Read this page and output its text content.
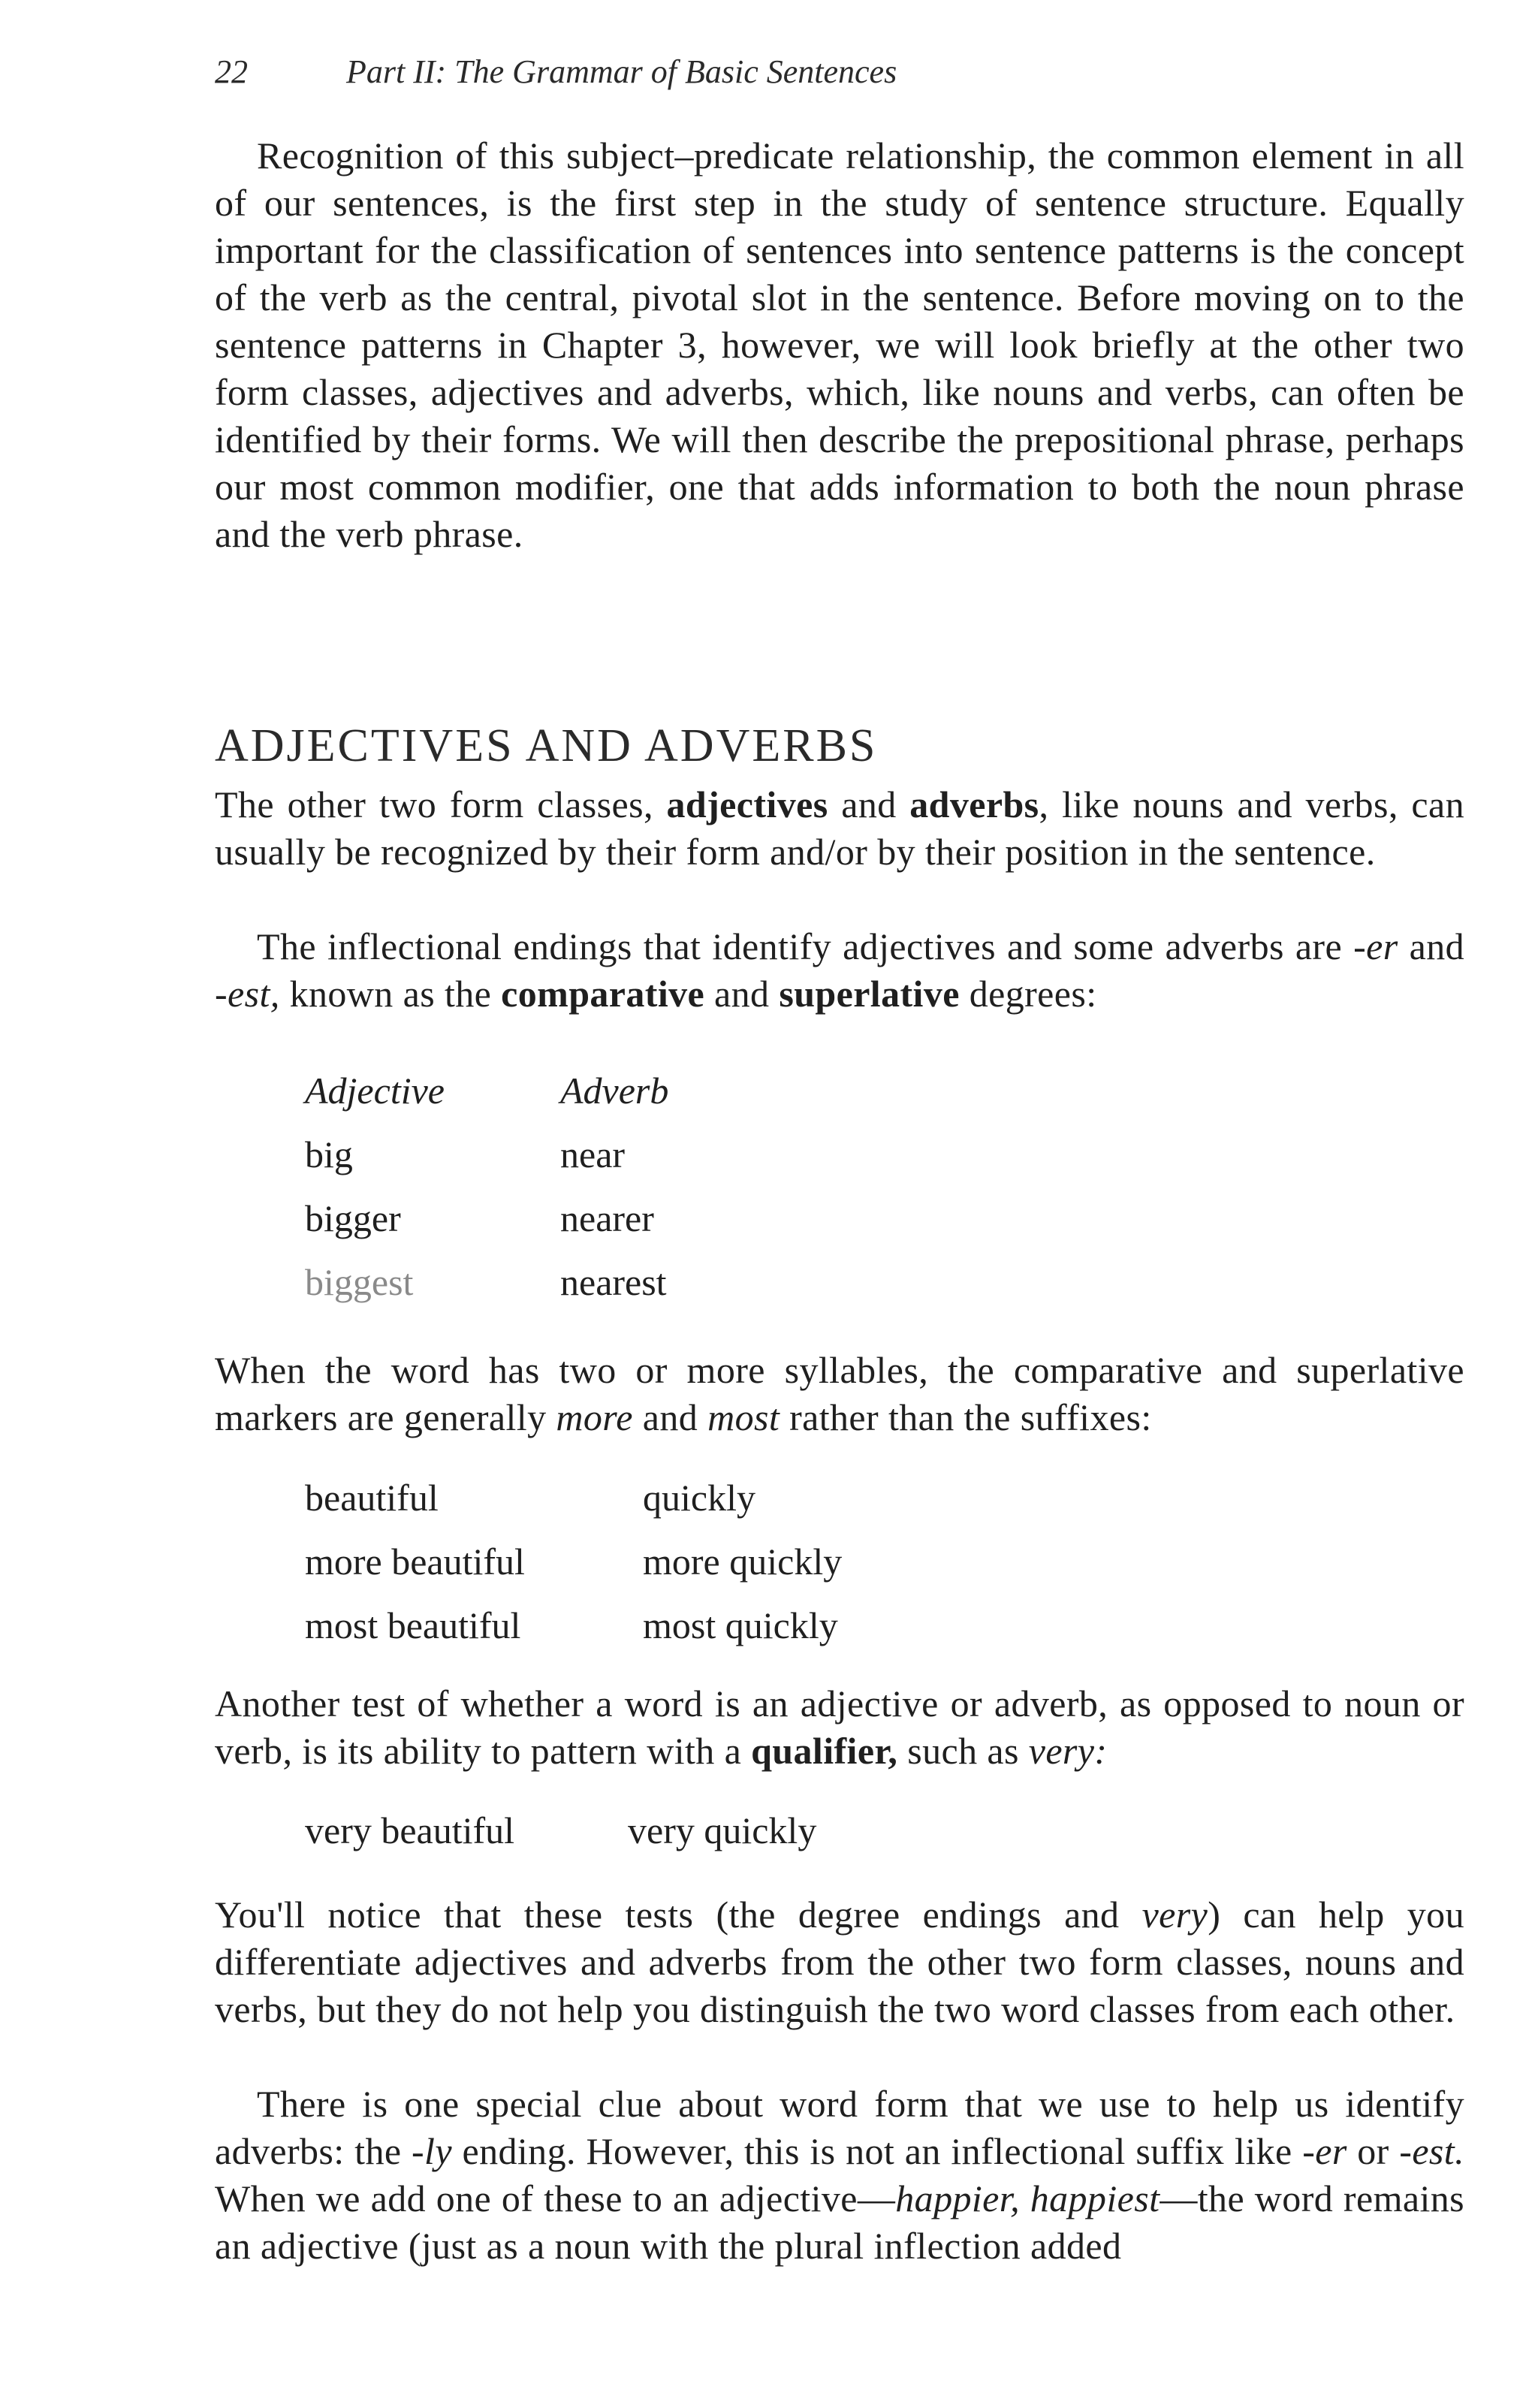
22	Part II: The Grammar of Basic Sentences

Recognition of this subject–predicate relationship, the common element in all of our sentences, is the first step in the study of sentence structure. Equally important for the classification of sentences into sentence patterns is the concept of the verb as the central, pivotal slot in the sentence. Before moving on to the sentence patterns in Chapter 3, however, we will look briefly at the other two form classes, adjectives and adverbs, which, like nouns and verbs, can often be identified by their forms. We will then describe the prepositional phrase, perhaps our most common modifier, one that adds information to both the noun phrase and the verb phrase.

ADJECTIVES AND ADVERBS

The other two form classes, adjectives and adverbs, like nouns and verbs, can usually be recognized by their form and/or by their position in the sentence.

The inflectional endings that identify adjectives and some adverbs are -er and -est, known as the comparative and superlative degrees:

Adjective	Adverb
big	near
bigger	nearer
biggest	nearest

When the word has two or more syllables, the comparative and superlative markers are generally more and most rather than the suffixes:

beautiful	quickly
more beautiful	more quickly
most beautiful	most quickly

Another test of whether a word is an adjective or adverb, as opposed to noun or verb, is its ability to pattern with a qualifier, such as very:

very beautiful	very quickly

You'll notice that these tests (the degree endings and very) can help you differentiate adjectives and adverbs from the other two form classes, nouns and verbs, but they do not help you distinguish the two word classes from each other.

There is one special clue about word form that we use to help us identify adverbs: the -ly ending. However, this is not an inflectional suffix like -er or -est. When we add one of these to an adjective—happier, happiest—the word remains an adjective (just as a noun with the plural inflection added
